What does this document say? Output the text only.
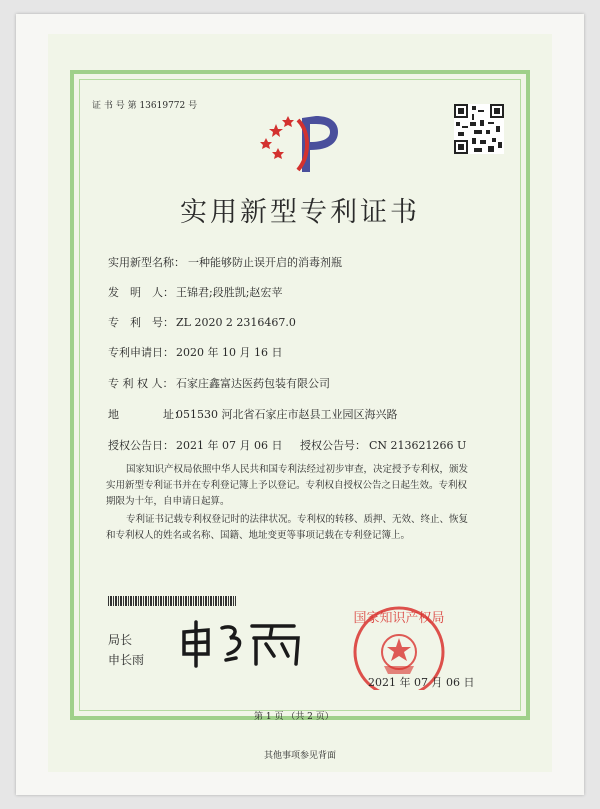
证 书 号 第 13619772 号
实用新型专利证书
实用新型名称： 一种能够防止误开启的消毒剂瓶
发　明　人： 王锦君;段胜凯;赵宏苹
专　利　号： ZL 2020 2 2316467.0
专利申请日： 2020 年 10 月 16 日
专 利 权 人： 石家庄鑫富达医药包装有限公司
地　　　　址：
051530 河北省石家庄市赵县工业园区海兴路
授权公告日： 2021 年 07 月 06 日 授权公告号： CN 213621266 U
国家知识产权局依照中华人民共和国专利法经过初步审查，决定授予专利权，颁发实用新型专利证书并在专利登记簿上予以登记。专利权自授权公告之日起生效。专利权期限为十年，自申请日起算。
专利证书记载专利权登记时的法律状况。专利权的转移、质押、无效、终止、恢复和专利权人的姓名或名称、国籍、地址变更等事项记载在专利登记簿上。
局长
申长雨
国家知识产权局
2021 年 07 月 06 日
第 1 页 （共 2 页）
其他事项参见背面
